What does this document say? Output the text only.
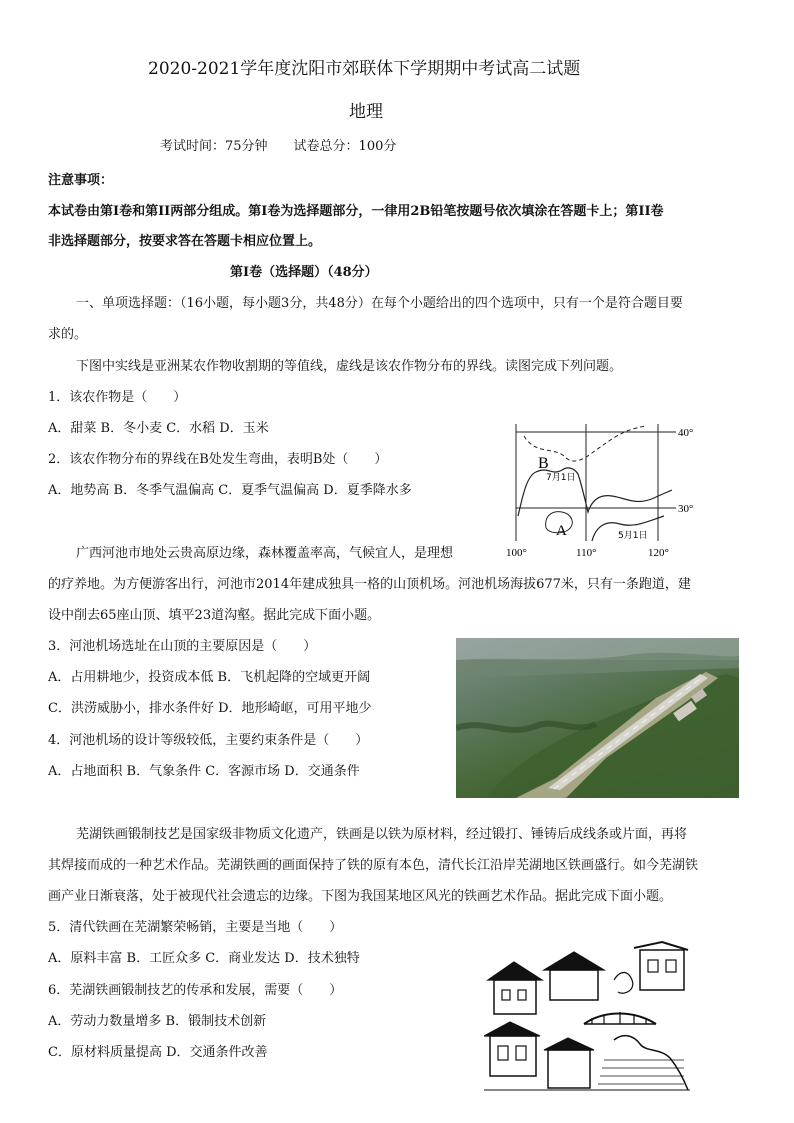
2020-2021学年度沈阳市郊联体下学期期中考试高二试题
地理
考试时间：75分钟　　试卷总分：100分
注意事项：
本试卷由第Ⅰ卷和第II两部分组成。第Ⅰ卷为选择题部分，一律用2B铅笔按题号依次填涂在答题卡上；第II卷
非选择题部分，按要求答在答题卡相应位置上。
第Ⅰ卷（选择题）（48分）
一、单项选择题：（16小题，每小题3分，共48分）在每个小题给出的四个选项中，只有一个是符合题目要
求的。
下图中实线是亚洲某农作物收割期的等值线，虚线是该农作物分布的界线。读图完成下列问题。
1．该农作物是（　　）
A．甜菜 B．冬小麦 C．水稻 D．玉米
2．该农作物分布的界线在B处发生弯曲，表明B处（　　）
A．地势高 B．冬季气温偏高 C．夏季气温偏高 D．夏季降水多
B
7月1日
A	5月1日
40°
30°
100°	110°	120°
广西河池市地处云贵高原边缘，森林覆盖率高，气候宜人，是理想
的疗养地。为方便游客出行，河池市2014年建成独具一格的山顶机场。河池机场海拔677米，只有一条跑道，建
设中削去65座山顶、填平23道沟壑。据此完成下面小题。
3．河池机场选址在山顶的主要原因是（　　）
A．占用耕地少，投资成本低 B．飞机起降的空域更开阔
C．洪涝威胁小，排水条件好 D．地形崎岖，可用平地少
4．河池机场的设计等级较低，主要约束条件是（　　）
A．占地面积 B．气象条件 C．客源市场 D．交通条件
芜湖铁画锻制技艺是国家级非物质文化遗产，铁画是以铁为原材料，经过锻打、锤铸后成线条或片面，再将
其焊接而成的一种艺术作品。芜湖铁画的画面保持了铁的原有本色，清代长江沿岸芜湖地区铁画盛行。如今芜湖铁
画产业日渐衰落，处于被现代社会遗忘的边缘。下图为我国某地区风光的铁画艺术作品。据此完成下面小题。
5．清代铁画在芜湖繁荣畅销，主要是当地（　　）
A．原料丰富 B．工匠众多 C．商业发达 D．技术独特
6．芜湖铁画锻制技艺的传承和发展，需要（　　）
A．劳动力数量增多 B．锻制技术创新
C．原材料质量提高 D．交通条件改善
